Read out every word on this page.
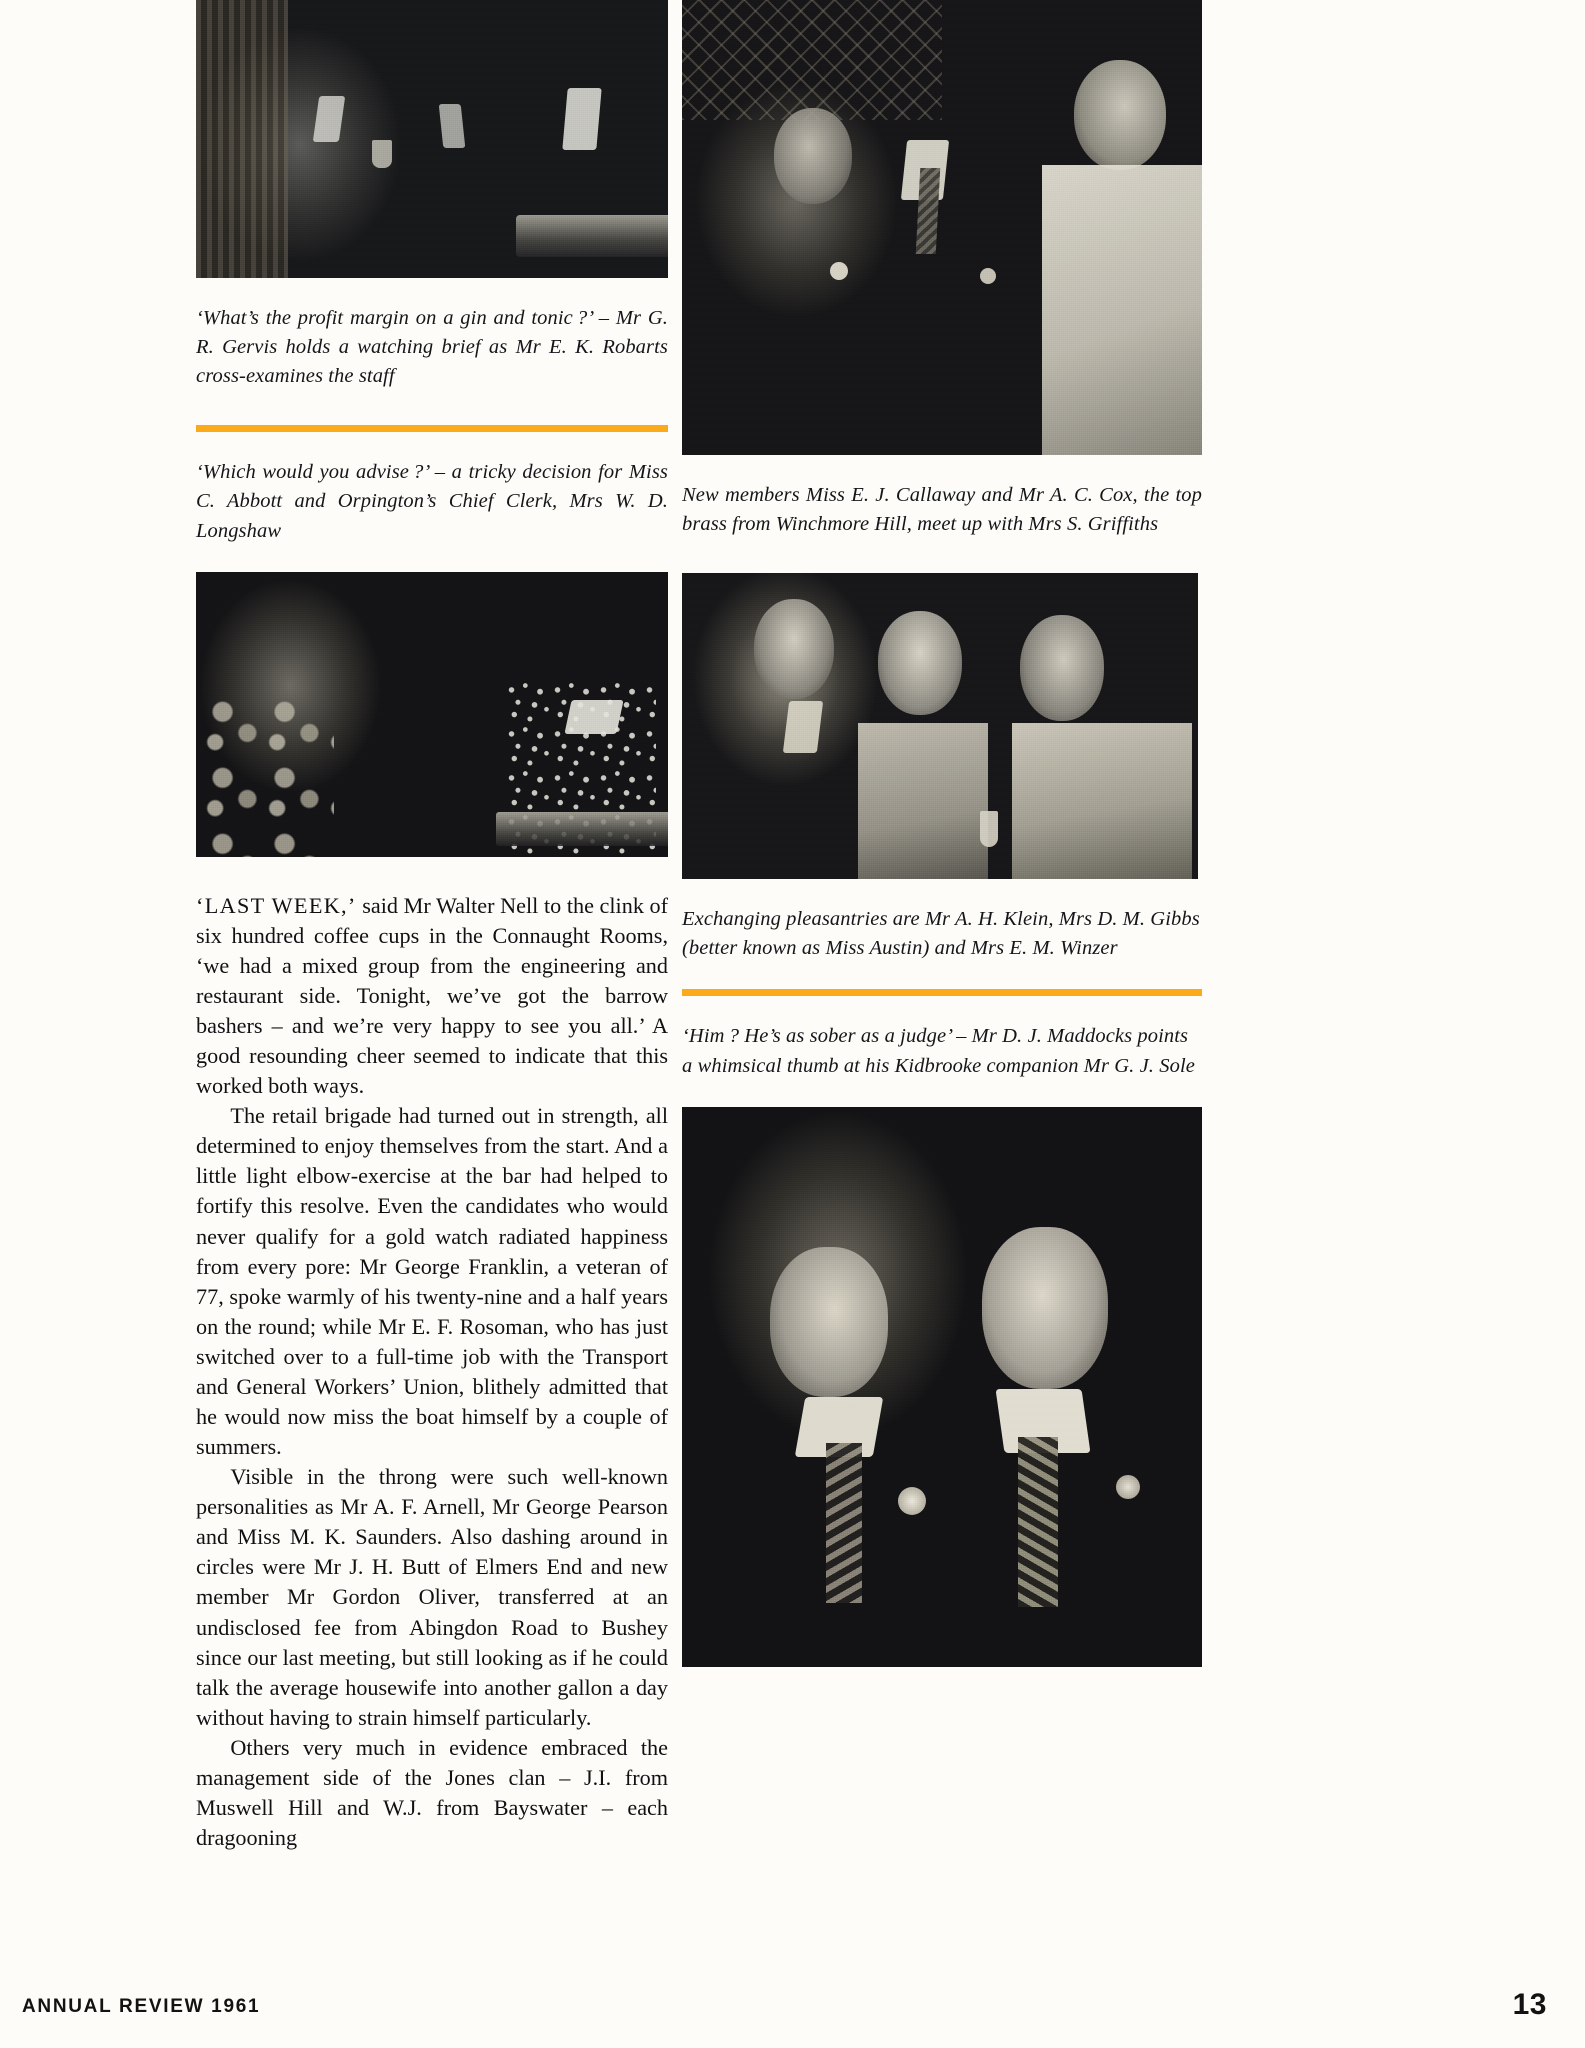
‘What’s the profit margin on a gin and tonic ?’ – Mr G. R. Gervis holds a watching brief as Mr E. K. Robarts cross-examines the staff

‘Which would you advise ?’ – a tricky decision for Miss C. Abbott and Orpington’s Chief Clerk, Mrs W. D. Longshaw

‘LAST WEEK,’ said Mr Walter Nell to the clink of six hundred coffee cups in the Connaught Rooms, ‘we had a mixed group from the engineering and restaurant side. Tonight, we’ve got the barrow bashers – and we’re very happy to see you all.’ A good resounding cheer seemed to indicate that this worked both ways.

The retail brigade had turned out in strength, all determined to enjoy themselves from the start. And a little light elbow-exercise at the bar had helped to fortify this resolve. Even the candidates who would never qualify for a gold watch radiated happiness from every pore: Mr George Franklin, a veteran of 77, spoke warmly of his twenty-nine and a half years on the round; while Mr E. F. Rosoman, who has just switched over to a full-time job with the Transport and General Workers’ Union, blithely admitted that he would now miss the boat himself by a couple of summers.

Visible in the throng were such well-known personalities as Mr A. F. Arnell, Mr George Pearson and Miss M. K. Saunders. Also dashing around in circles were Mr J. H. Butt of Elmers End and new member Mr Gordon Oliver, transferred at an undisclosed fee from Abingdon Road to Bushey since our last meeting, but still looking as if he could talk the average housewife into another gallon a day without having to strain himself particularly.

Others very much in evidence embraced the management side of the Jones clan – J.I. from Muswell Hill and W.J. from Bayswater – each dragooning

New members Miss E. J. Callaway and Mr A. C. Cox, the top brass from Winchmore Hill, meet up with Mrs S. Griffiths

Exchanging pleasantries are Mr A. H. Klein, Mrs D. M. Gibbs (better known as Miss Austin) and Mrs E. M. Winzer

‘Him ? He’s as sober as a judge’ – Mr D. J. Maddocks points a whimsical thumb at his Kidbrooke companion Mr G. J. Sole

ANNUAL REVIEW 1961	13
